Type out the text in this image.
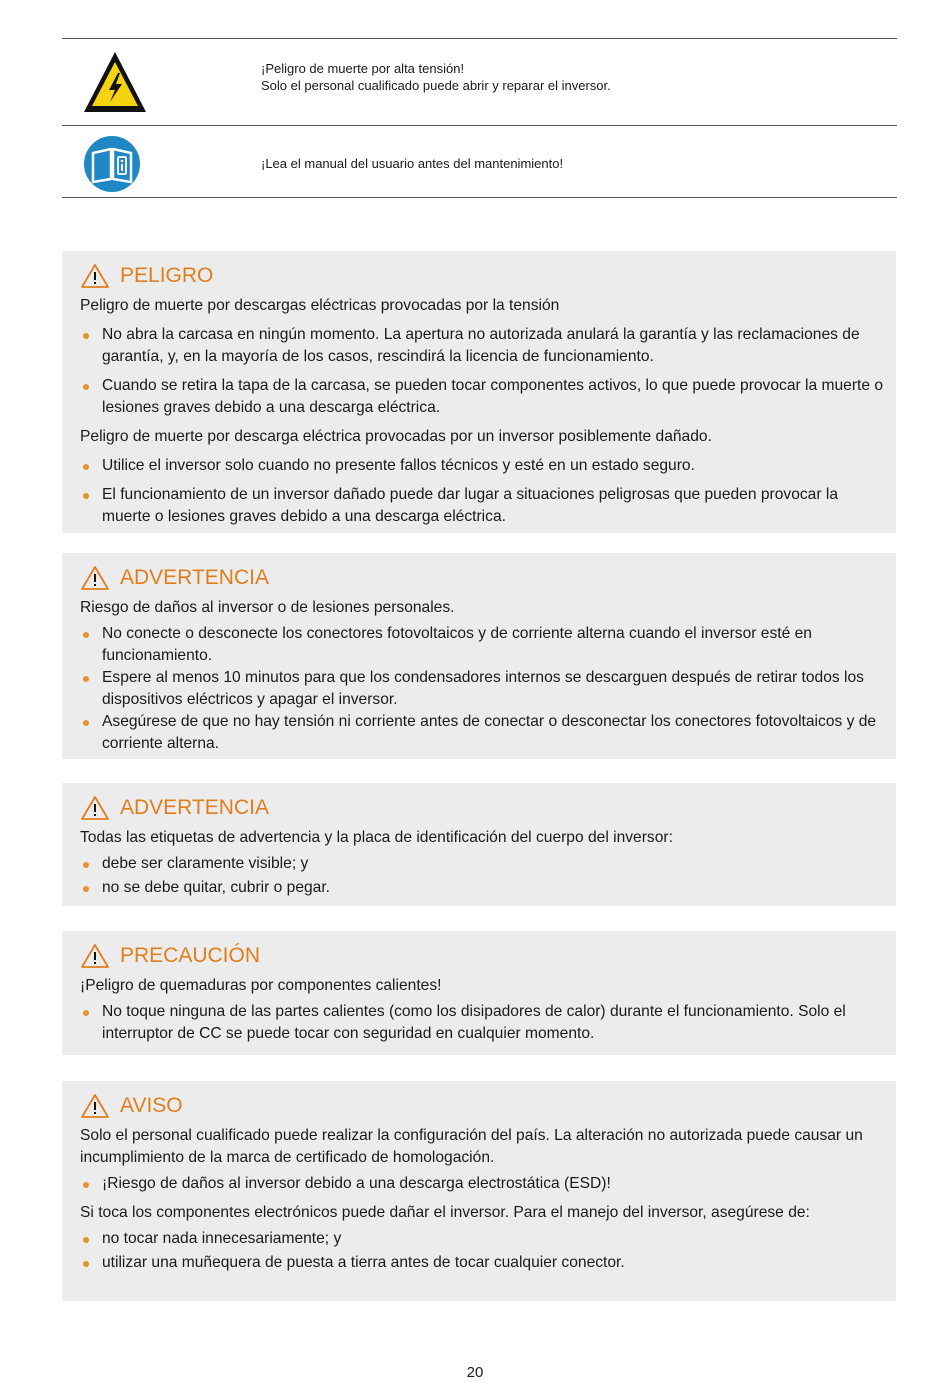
¡Peligro de muerte por alta tensión!
Solo el personal cualificado puede abrir y reparar el inversor.
¡Lea el manual del usuario antes del mantenimiento!
PELIGRO

Peligro de muerte por descargas eléctricas provocadas por la tensión

No abra la carcasa en ningún momento. La apertura no autorizada anulará la garantía y las reclamaciones de garantía, y, en la mayoría de los casos, rescindirá la licencia de funcionamiento.
Cuando se retira la tapa de la carcasa, se pueden tocar componentes activos, lo que puede provocar la muerte o lesiones graves debido a una descarga eléctrica.

Peligro de muerte por descarga eléctrica provocadas por un inversor posiblemente dañado.

Utilice el inversor solo cuando no presente fallos técnicos y esté en un estado seguro.
El funcionamiento de un inversor dañado puede dar lugar a situaciones peligrosas que pueden provocar la muerte o lesiones graves debido a una descarga eléctrica.
ADVERTENCIA

Riesgo de daños al inversor o de lesiones personales.

No conecte o desconecte los conectores fotovoltaicos y de corriente alterna cuando el inversor esté en funcionamiento.
Espere al menos 10 minutos para que los condensadores internos se descarguen después de retirar todos los dispositivos eléctricos y apagar el inversor.
Asegúrese de que no hay tensión ni corriente antes de conectar o desconectar los conectores fotovoltaicos y de corriente alterna.
ADVERTENCIA

Todas las etiquetas de advertencia y la placa de identificación del cuerpo del inversor:

debe ser claramente visible; y
no se debe quitar, cubrir o pegar.
PRECAUCIÓN

¡Peligro de quemaduras por componentes calientes!

No toque ninguna de las partes calientes (como los disipadores de calor) durante el funcionamiento. Solo el interruptor de CC se puede tocar con seguridad en cualquier momento.
AVISO

Solo el personal cualificado puede realizar la configuración del país. La alteración no autorizada puede causar un incumplimiento de la marca de certificado de homologación.

¡Riesgo de daños al inversor debido a una descarga electrostática (ESD)!

Si toca los componentes electrónicos puede dañar el inversor. Para el manejo del inversor, asegúrese de:

no tocar nada innecesariamente; y
utilizar una muñequera de puesta a tierra antes de tocar cualquier conector.
20
